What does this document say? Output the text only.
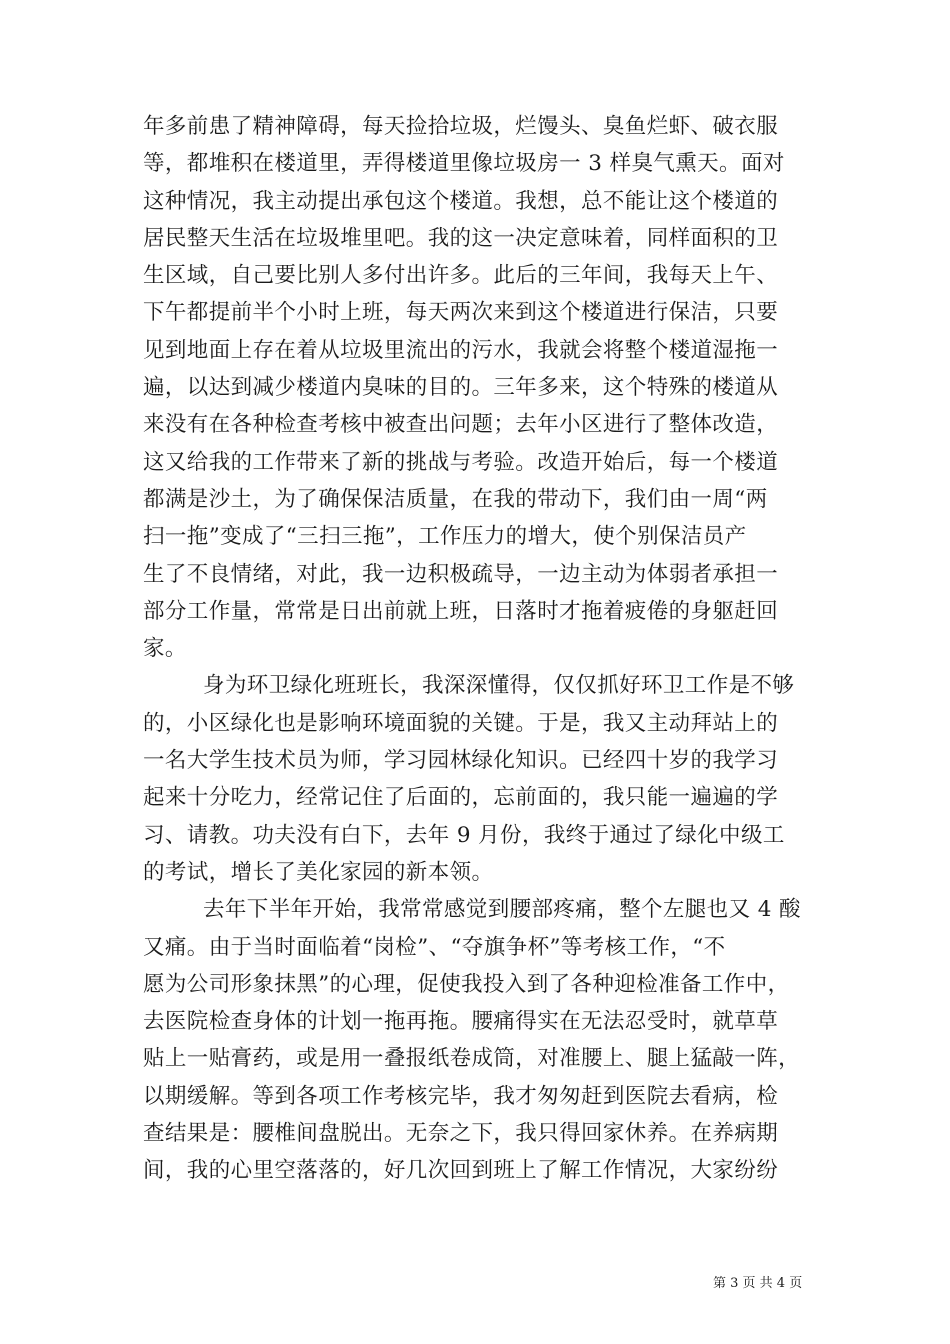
年多前患了精神障碍，每天捡拾垃圾，烂馒头、臭鱼烂虾、破衣服
等，都堆积在楼道里，弄得楼道里像垃圾房一 3 样臭气熏天。面对
这种情况，我主动提出承包这个楼道。我想，总不能让这个楼道的
居民整天生活在垃圾堆里吧。我的这一决定意味着，同样面积的卫
生区域，自己要比别人多付出许多。此后的三年间，我每天上午、
下午都提前半个小时上班，每天两次来到这个楼道进行保洁，只要
见到地面上存在着从垃圾里流出的污水，我就会将整个楼道湿拖一
遍，以达到减少楼道内臭味的目的。三年多来，这个特殊的楼道从
来没有在各种检查考核中被查出问题；去年小区进行了整体改造，
这又给我的工作带来了新的挑战与考验。改造开始后，每一个楼道
都满是沙土，为了确保保洁质量，在我的带动下，我们由一周“两
扫一拖”变成了“三扫三拖”，工作压力的增大，使个别保洁员产
生了不良情绪，对此，我一边积极疏导，一边主动为体弱者承担一
部分工作量，常常是日出前就上班，日落时才拖着疲倦的身躯赶回
家。
身为环卫绿化班班长，我深深懂得，仅仅抓好环卫工作是不够
的，小区绿化也是影响环境面貌的关键。于是，我又主动拜站上的
一名大学生技术员为师，学习园林绿化知识。已经四十岁的我学习
起来十分吃力，经常记住了后面的，忘前面的，我只能一遍遍的学
习、请教。功夫没有白下，去年 9 月份，我终于通过了绿化中级工
的考试，增长了美化家园的新本领。
去年下半年开始，我常常感觉到腰部疼痛，整个左腿也又 4 酸
又痛。由于当时面临着“岗检”、“夺旗争杯”等考核工作，“不
愿为公司形象抹黑”的心理，促使我投入到了各种迎检准备工作中，
去医院检查身体的计划一拖再拖。腰痛得实在无法忍受时，就草草
贴上一贴膏药，或是用一叠报纸卷成筒，对准腰上、腿上猛敲一阵，
以期缓解。等到各项工作考核完毕，我才匆匆赶到医院去看病，检
查结果是：腰椎间盘脱出。无奈之下，我只得回家休养。在养病期
间，我的心里空落落的，好几次回到班上了解工作情况，大家纷纷
第 3 页 共 4 页
